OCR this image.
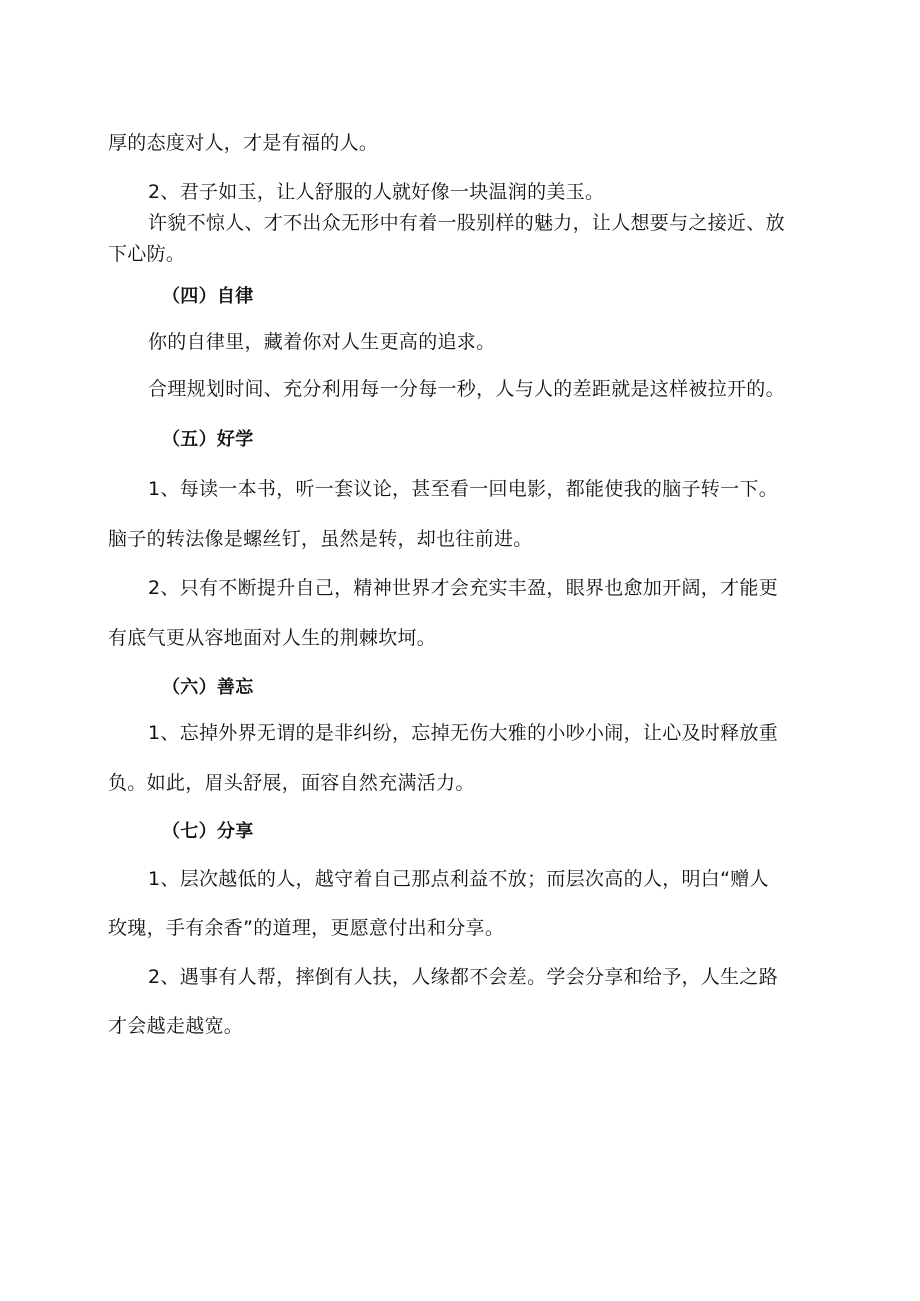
厚的态度对人，才是有福的人。
2、君子如玉，让人舒服的人就好像一块温润的美玉。
许貌不惊人、才不出众无形中有着一股别样的魅力，让人想要与之接近、放
下心防。
（四）自律
你的自律里，藏着你对人生更高的追求。
合理规划时间、充分利用每一分每一秒，人与人的差距就是这样被拉开的。
（五）好学
1、每读一本书，听一套议论，甚至看一回电影，都能使我的脑子转一下。
脑子的转法像是螺丝钉，虽然是转，却也往前进。
2、只有不断提升自己，精神世界才会充实丰盈，眼界也愈加开阔，才能更
有底气更从容地面对人生的荆棘坎坷。
（六）善忘
1、忘掉外界无谓的是非纠纷，忘掉无伤大雅的小吵小闹，让心及时释放重
负。如此，眉头舒展，面容自然充满活力。
（七）分享
1、层次越低的人，越守着自己那点利益不放；而层次高的人，明白“赠人
玫瑰，手有余香”的道理，更愿意付出和分享。
2、遇事有人帮，摔倒有人扶，人缘都不会差。学会分享和给予，人生之路
才会越走越宽。
